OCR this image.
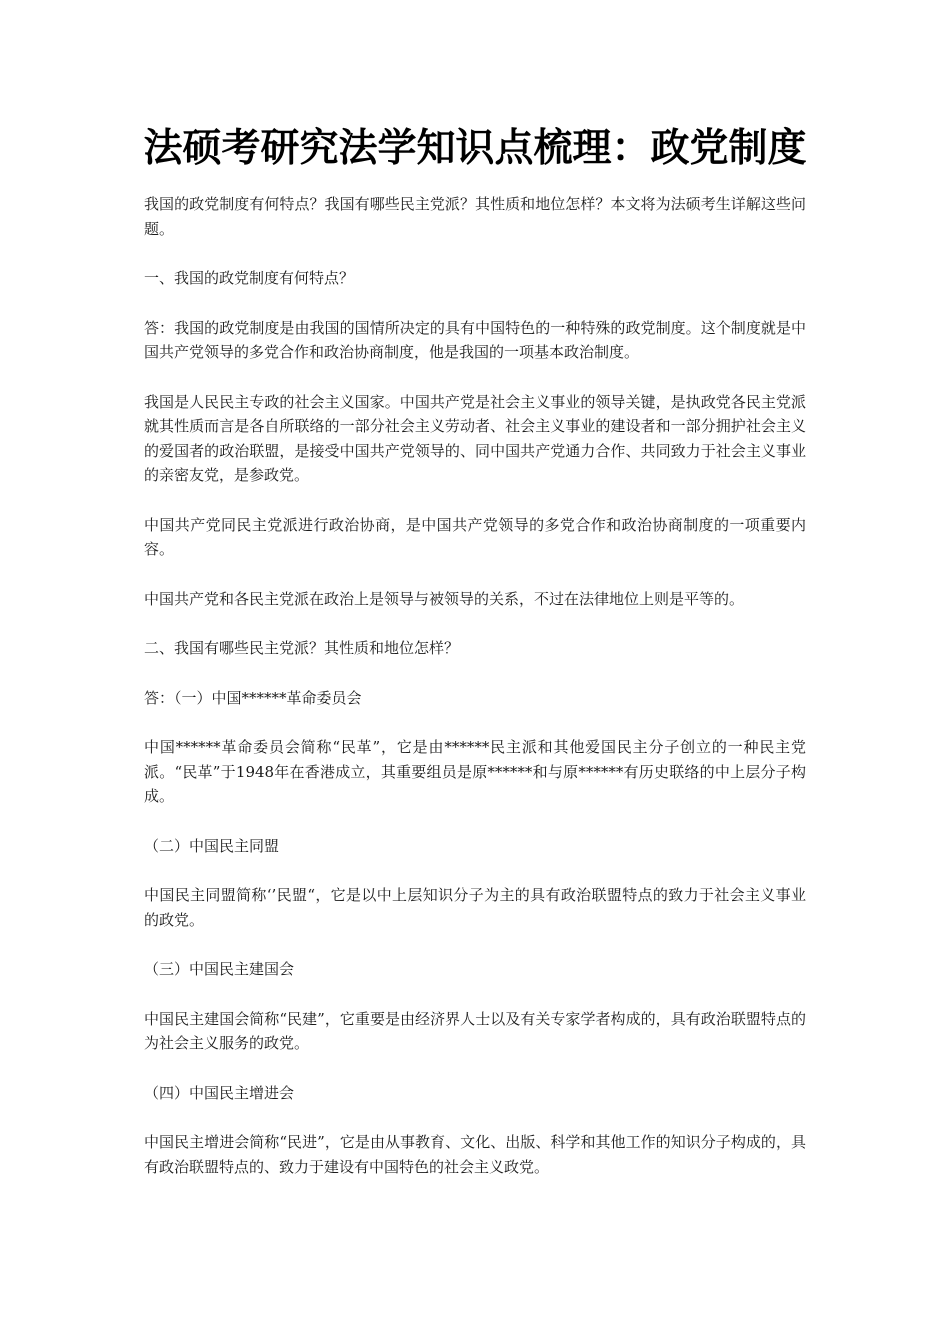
法硕考研究法学知识点梳理：政党制度

我国的政党制度有何特点？我国有哪些民主党派？其性质和地位怎样？本文将为法硕考生详解这些问题。

一、我国的政党制度有何特点？

答：我国的政党制度是由我国的国情所决定的具有中国特色的一种特殊的政党制度。这个制度就是中国共产党领导的多党合作和政治协商制度，他是我国的一项基本政治制度。

我国是人民民主专政的社会主义国家。中国共产党是社会主义事业的领导关键，是执政党各民主党派就其性质而言是各自所联络的一部分社会主义劳动者、社会主义事业的建设者和一部分拥护社会主义的爱国者的政治联盟，是接受中国共产党领导的、同中国共产党通力合作、共同致力于社会主义事业的亲密友党，是参政党。

中国共产党同民主党派进行政治协商，是中国共产党领导的多党合作和政治协商制度的一项重要内容。

中国共产党和各民主党派在政治上是领导与被领导的关系，不过在法律地位上则是平等的。

二、我国有哪些民主党派？其性质和地位怎样？

答：（一）中国******革命委员会

中国******革命委员会简称“民革”，它是由******民主派和其他爱国民主分子创立的一种民主党派。“民革”于1948年在香港成立，其重要组员是原******和与原******有历史联络的中上层分子构成。

（二）中国民主同盟

中国民主同盟简称‘’民盟“，它是以中上层知识分子为主的具有政治联盟特点的致力于社会主义事业的政党。

（三）中国民主建国会

中国民主建国会简称“民建”，它重要是由经济界人士以及有关专家学者构成的，具有政治联盟特点的为社会主义服务的政党。

（四）中国民主增进会

中国民主增进会简称“民进”，它是由从事教育、文化、出版、科学和其他工作的知识分子构成的，具有政治联盟特点的、致力于建设有中国特色的社会主义政党。
